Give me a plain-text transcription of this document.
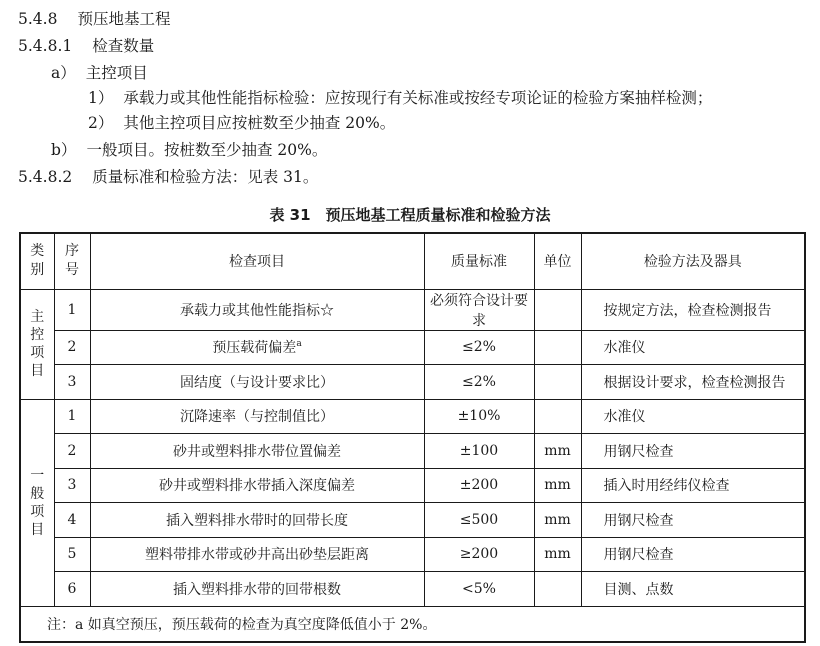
5.4.8 预压地基工程
5.4.8.1 检查数量
a） 主控项目
1） 承载力或其他性能指标检验：应按现行有关标准或按经专项论证的检验方案抽样检测；
2） 其他主控项目应按桩数至少抽查 20%。
b） 一般项目。按桩数至少抽查 20%。
5.4.8.2 质量标准和检验方法：见表 31。
表 31　预压地基工程质量标准和检验方法
类别	序号	检查项目	质量标准	单位	检验方法及器具

主
控
项
目	1	承载力或其他性能指标☆	必须符合设计要求		按规定方法，检查检测报告
	2	预压载荷偏差$^a$	≤2%		水准仪
	3	固结度（与设计要求比）	≤2%		根据设计要求，检查检测报告

一
般
项
目	1	沉降速率（与控制值比）	±10%		水准仪
	2	砂井或塑料排水带位置偏差	±100	mm	用钢尺检查
	3	砂井或塑料排水带插入深度偏差	±200	mm	插入时用经纬仪检查
	4	插入塑料排水带时的回带长度	≤500	mm	用钢尺检查
	5	塑料带排水带或砂井高出砂垫层距离	≥200	mm	用钢尺检查
	6	插入塑料排水带的回带根数	<5%		目测、点数
注：a 如真空预压，预压载荷的检查为真空度降低值小于 2%。					
